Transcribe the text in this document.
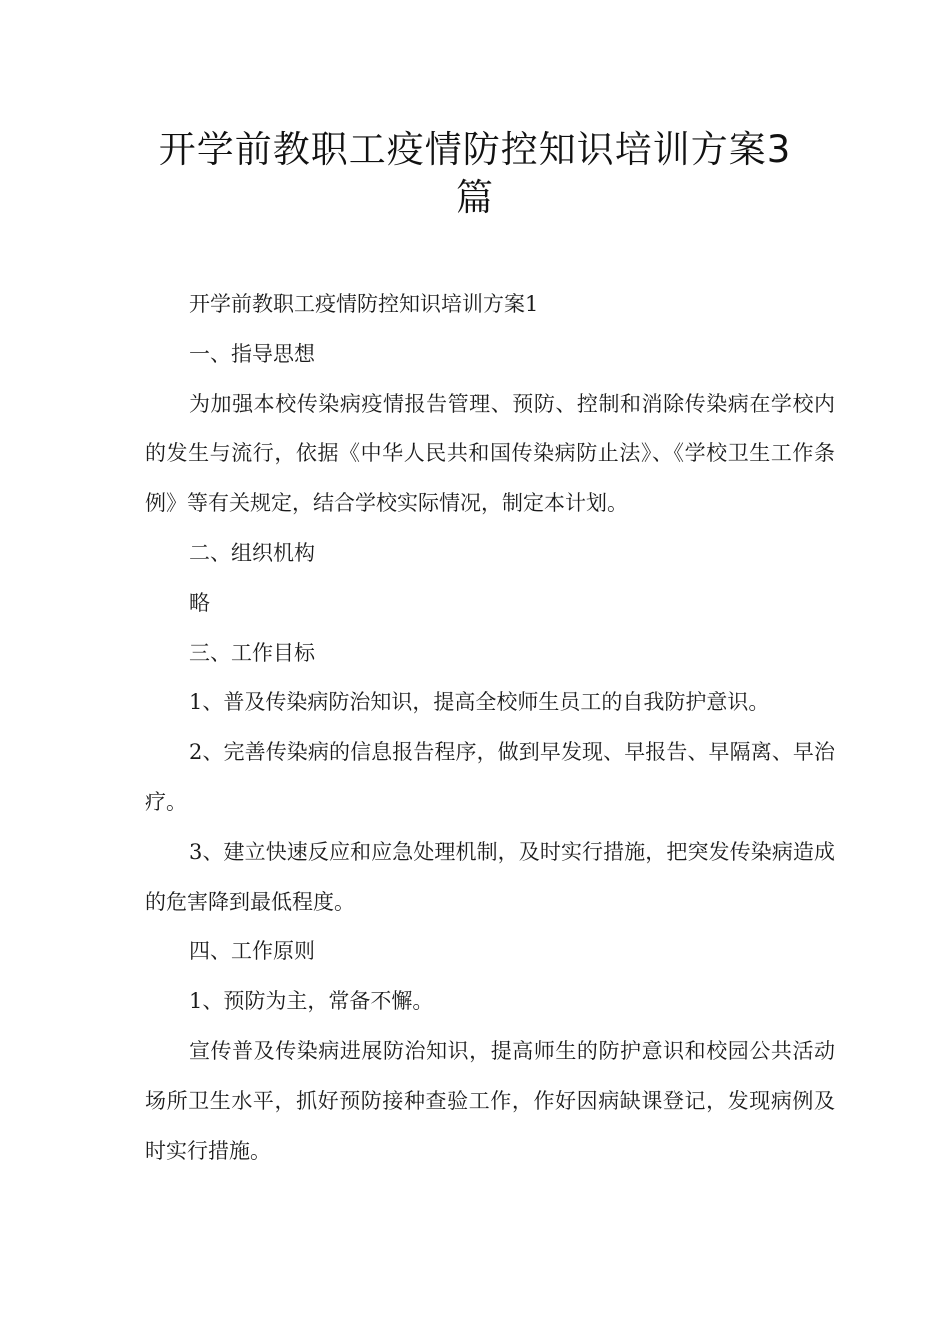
开学前教职工疫情防控知识培训方案3篇

开学前教职工疫情防控知识培训方案1

一、指导思想

为加强本校传染病疫情报告管理、预防、控制和消除传染病在学校内的发生与流行，依据《中华人民共和国传染病防止法》、《学校卫生工作条例》等有关规定，结合学校实际情况，制定本计划。

二、组织机构

略

三、工作目标

1、普及传染病防治知识，提高全校师生员工的自我防护意识。

2、完善传染病的信息报告程序，做到早发现、早报告、早隔离、早治疗。

3、建立快速反应和应急处理机制，及时实行措施，把突发传染病造成的危害降到最低程度。

四、工作原则

1、预防为主，常备不懈。

宣传普及传染病进展防治知识，提高师生的防护意识和校园公共活动场所卫生水平，抓好预防接种查验工作，作好因病缺课登记，发现病例及时实行措施。
